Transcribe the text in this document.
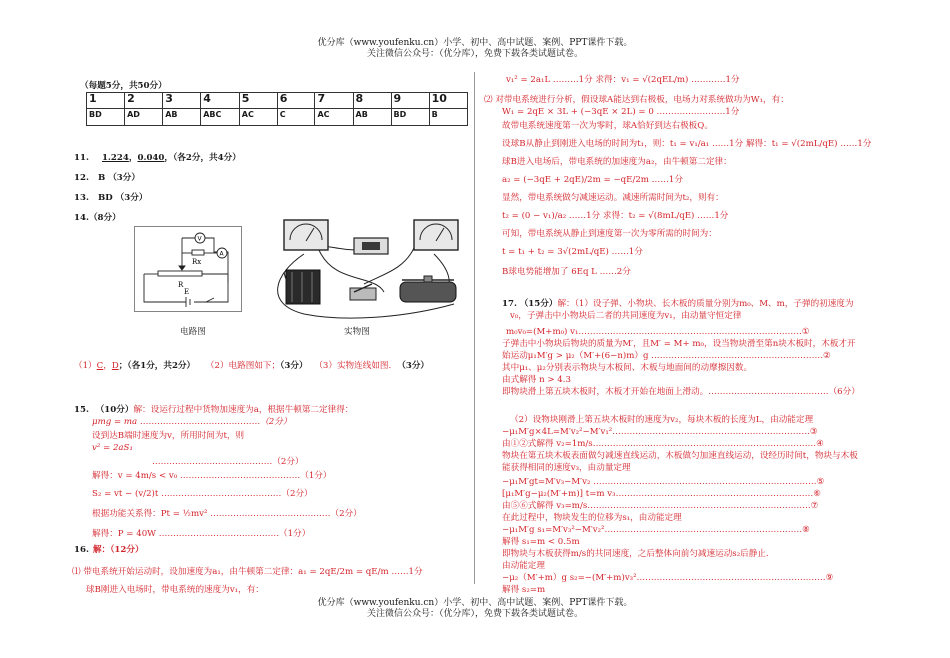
优分库（www.youfenku.cn）小学、初中、高中试题、案例、PPT课件下载。
关注微信公众号：（优分库），免费下载各类试题试卷。
优分库（www.youfenku.cn）小学、初中、高中试题、案例、PPT课件下载。
关注微信公众号：（优分库），免费下载各类试题试卷。
（每题5分，共50分）
1	2	3	4	5	6	7	8	9	10
BD	AD	AB	ABC	AC	C	AC	AB	BD	B
11. 1.224，0.040，（各2分，共4分）
12. B （3分）
13. BD （3分）
14.（8分）
V
A
Rx
R
E
电路图	实物图
（1）C，D；（各1分，共2分） （2）电路图如下；（3分） （3）实物连线如图. （3分）
15. （10分）解：设运行过程中货物加速度为a，根据牛顿第二定律得：
μmg = ma ……………………………………（2分）
设到达B端时速度为v，所用时间为t，则
v² = 2aS₁
……………………………………（2分）
解得：v = 4m/s < v₀ ……………………………………（1分）
S₂ = vt − (v/2)t ……………………………………（2分）
根据功能关系得：Pt = ½mv² ……………………………………（2分）
解得：P = 40W ……………………………………（1分）
16. 解：（12分）
⑴ 带电系统开始运动时，设加速度为a₁，由牛顿第二定律：a₁ = 2qE/2m = qE/m ……1分
球B刚进入电场时，带电系统的速度为v₁，有：
v₁² = 2a₁L ………1分 求得：v₁ = √(2qEL/m) …………1分
⑵ 对带电系统进行分析，假设球A能达到右极板，电场力对系统做功为W₁，有：
W₁ = 2qE × 3L + (−3qE × 2L) = 0 ……………………1分
故带电系统速度第一次为零时，球A恰好到达右极板Q。
设球B从静止到刚进入电场的时间为t₁，则：t₁ = v₁/a₁ ……1分 解得：t₁ = √(2mL/qE) ……1分
球B进入电场后，带电系统的加速度为a₂，由牛顿第二定律：
a₂ = (−3qE + 2qE)/2m = −qE/2m ……1分
显然，带电系统做匀减速运动。减速所需时间为t₂，则有：
t₂ = (0 − v₁)/a₂ ……1分 求得：t₂ = √(8mL/qE) ……1分
可知，带电系统从静止到速度第一次为零所需的时间为：
t = t₁ + t₂ = 3√(2mL/qE) ……1分
B球电势能增加了 6Eq L ……2分
17. （15分）解：（1）设子弹、小物块、长木板的质量分别为m₀、M、m，子弹的初速度为
v₀，子弹击中小物块后二者的共同速度为v₁，由动量守恒定律
m₀v₀=(M+m₀) v₁……………………………………………………………………①
子弹击中小物块后物块的质量为M′，且M′ = M+ m₀，设当物块滑至第n块木板时，木板才开
始运动μ₁M′g > μ₂（M′+(6−n)m）g ……………………………………………………②
其中μ₁、μ₂分别表示物块与木板间、木板与地面间的动摩擦因数。
由式解得 n > 4.3
即物块滑上第五块木板时，木板才开始在地面上滑动。……………………………………（6分）
（2）设物块刚滑上第五块木板时的速度为v₂，每块木板的长度为L，由动能定理
−μ₁M′g×4L=M′v₂²−M′v₁²……………………………………………………………③
由①②式解得 v₂=1m/s……………………………………………………………………④
物块在第五块木板表面做匀减速直线运动，木板做匀加速直线运动，设经历时间t，物块与木板
能获得相同的速度v₃，由动量定理
−μ₁M′gt=M′v₃−M′v₂ ……………………………………………………………………⑤
[μ₁M′g−μ₂(M′+m)] t=m v₃……………………………………………………………⑥
由⑤⑥式解得 v₃=m/s……………………………………………………………………⑦
在此过程中，物块发生的位移为s₁，由动能定理
−μ₁M′g s₁=M′v₃²−M′v₂²……………………………………………………………⑧
解得 s₁=m < 0.5m
即物块与木板获得m/s的共同速度，之后整体向前匀减速运动s₂后静止.
由动能定理
−μ₂（M′+m）g s₂=−(M′+m)v₃²…………………………………………………………⑨
解得 s₂=m
